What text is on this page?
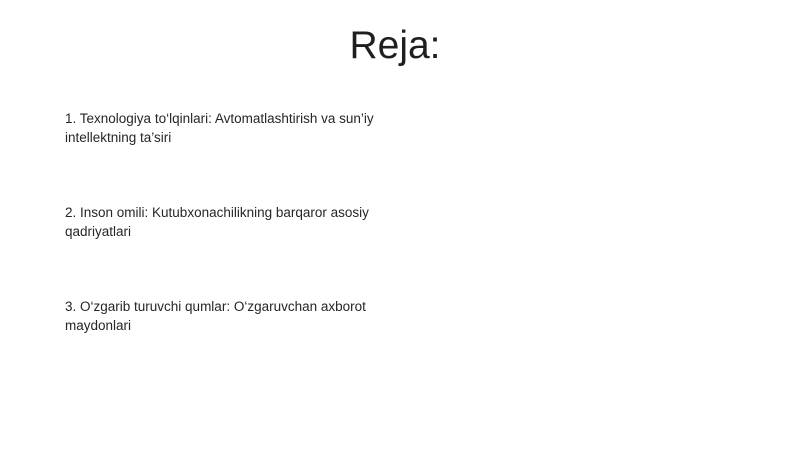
Reja:
1. Texnologiya to‘lqinlari: Avtomatlashtirish va sun’iy intellektning ta’siri
2. Inson omili: Kutubxonachilikning barqaror asosiy qadriyatlari
3. O‘zgarib turuvchi qumlar: O‘zgaruvchan axborot maydonlari
